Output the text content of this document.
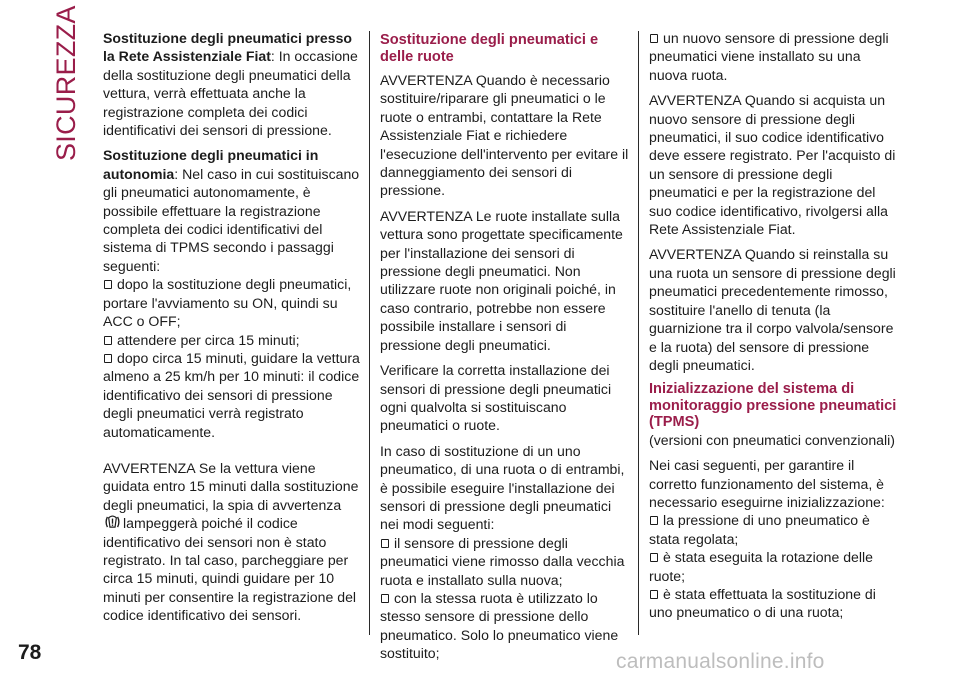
SICUREZZA
78

Sostituzione degli pneumatici presso la Rete Assistenziale Fiat: In occasione della sostituzione degli pneumatici della vettura, verrà effettuata anche la registrazione completa dei codici identificativi dei sensori di pressione.

Sostituzione degli pneumatici in autonomia: Nel caso in cui sostituiscano gli pneumatici autonomamente, è possibile effettuare la registrazione completa dei codici identificativi del sistema di TPMS secondo i passaggi seguenti:

dopo la sostituzione degli pneumatici, portare l'avviamento su ON, quindi su ACC o OFF;
attendere per circa 15 minuti;
dopo circa 15 minuti, guidare la vettura almeno a 25 km/h per 10 minuti: il codice identificativo dei sensori di pressione degli pneumatici verrà registrato automaticamente.

AVVERTENZA Se la vettura viene guidata entro 15 minuti dalla sostituzione degli pneumatici, la spia di avvertenzalampeggerà poiché il codice identificativo dei sensori non è stato registrato. In tal caso, parcheggiare per circa 15 minuti, quindi guidare per 10 minuti per consentire la registrazione del codice identificativo dei sensori.

Sostituzione degli pneumatici e delle ruote

AVVERTENZA Quando è necessario sostituire/riparare gli pneumatici o le ruote o entrambi, contattare la Rete Assistenziale Fiat e richiedere l'esecuzione dell'intervento per evitare il danneggiamento dei sensori di pressione.

AVVERTENZA Le ruote installate sulla vettura sono progettate specificamente per l'installazione dei sensori di pressione degli pneumatici. Non utilizzare ruote non originali poiché, in caso contrario, potrebbe non essere possibile installare i sensori di pressione degli pneumatici.

Verificare la corretta installazione dei sensori di pressione degli pneumatici ogni qualvolta si sostituiscano pneumatici o ruote.

In caso di sostituzione di un uno pneumatico, di una ruota o di entrambi, è possibile eseguire l'installazione dei sensori di pressione degli pneumatici nei modi seguenti:

il sensore di pressione degli pneumatici viene rimosso dalla vecchia ruota e installato sulla nuova;
con la stessa ruota è utilizzato lo stesso sensore di pressione dello pneumatico. Solo lo pneumatico viene sostituito;
un nuovo sensore di pressione degli pneumatici viene installato su una nuova ruota.

AVVERTENZA Quando si acquista un nuovo sensore di pressione degli pneumatici, il suo codice identificativo deve essere registrato. Per l'acquisto di un sensore di pressione degli pneumatici e per la registrazione del suo codice identificativo, rivolgersi alla Rete Assistenziale Fiat.

AVVERTENZA Quando si reinstalla su una ruota un sensore di pressione degli pneumatici precedentemente rimosso, sostituire l'anello di tenuta (la guarnizione tra il corpo valvola/sensore e la ruota) del sensore di pressione degli pneumatici.

Inizializzazione del sistema di monitoraggio pressione pneumatici (TPMS)

(versioni con pneumatici convenzionali)

Nei casi seguenti, per garantire il corretto funzionamento del sistema, è necessario eseguirne inizializzazione:

la pressione di uno pneumatico è stata regolata;
è stata eseguita la rotazione delle ruote;
è stata effettuata la sostituzione di uno pneumatico o di una ruota;
carmanualsonline.info
